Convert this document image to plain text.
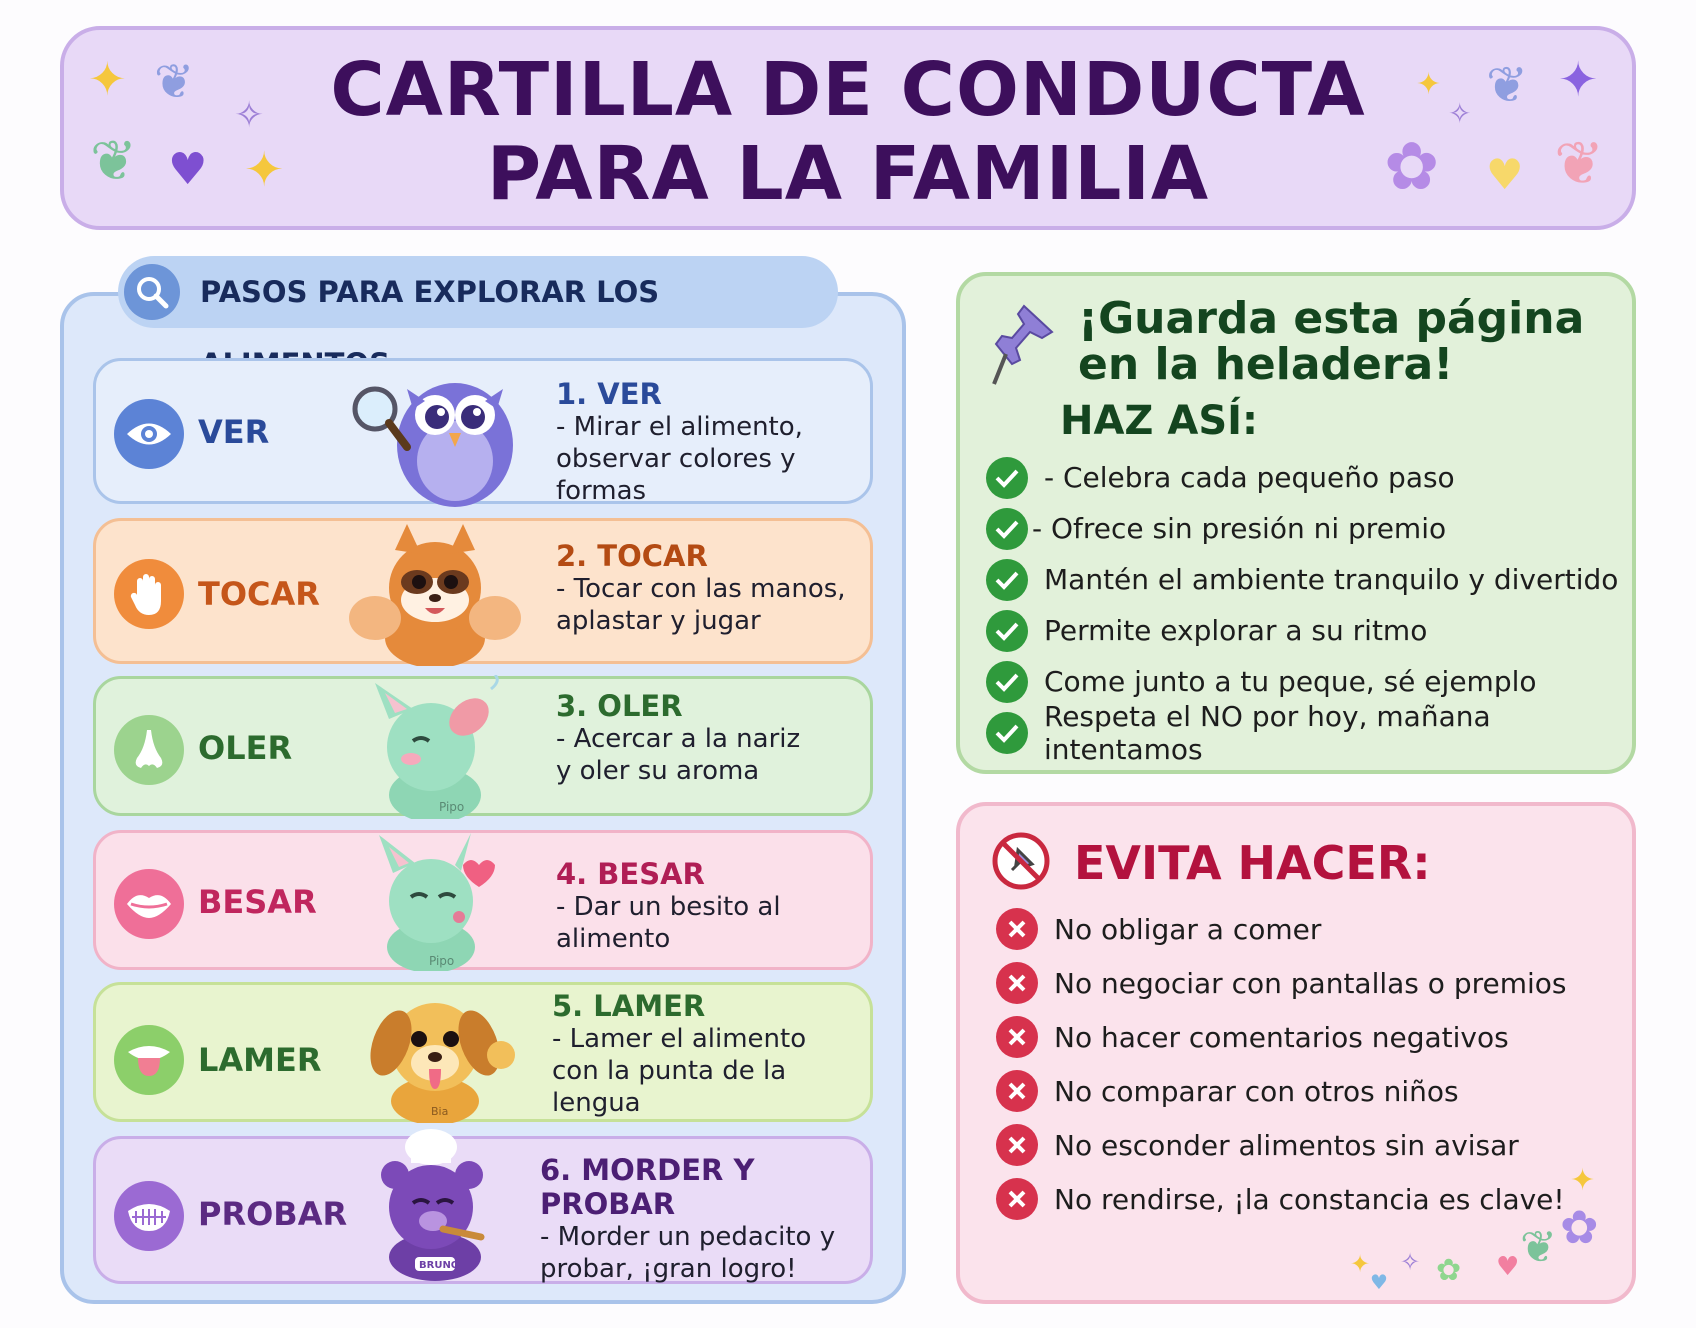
✦ ❦
✧
❦ ♥ ✦
CARTILLA DE CONDUCTA
PARA LA FAMILIA
✦ ❦ ✦
✧
✿ ♥ ❦
PASOS PARA EXPLORAR LOS
VER
1. VER
- Mirar el alimento,
observar colores y formas
TOCAR
2. TOCAR
- Tocar con las manos,
aplastar y jugar
OLER
Pipo
3. OLER
- Acercar a la nariz
y oler su aroma
BESAR
Pipo
4. BESAR
- Dar un besito al
alimento
LAMER
Bia
5. LAMER
- Lamer el alimento
con la punta de la lengua
PROBAR
BRUNO
6. MORDER Y PROBAR
- Morder un pedacito y
probar, ¡gran logro!
¡Guarda esta página
en la heladera!
HAZ ASÍ:
- Celebra cada pequeño paso
- Ofrece sin presión ni premio
Mantén el ambiente tranquilo y divertido
Permite explorar a su ritmo
Come junto a tu peque, sé ejemplo
Respeta el NO por hoy, mañana intentamos
EVITA HACER:
No obligar a comer
No negociar con pantallas o premios
No hacer comentarios negativos
No comparar con otros niños
No esconder alimentos sin avisar
No rendirse, ¡la constancia es clave!
✦
✿
❦
♥
✿
✧
✦
♥
